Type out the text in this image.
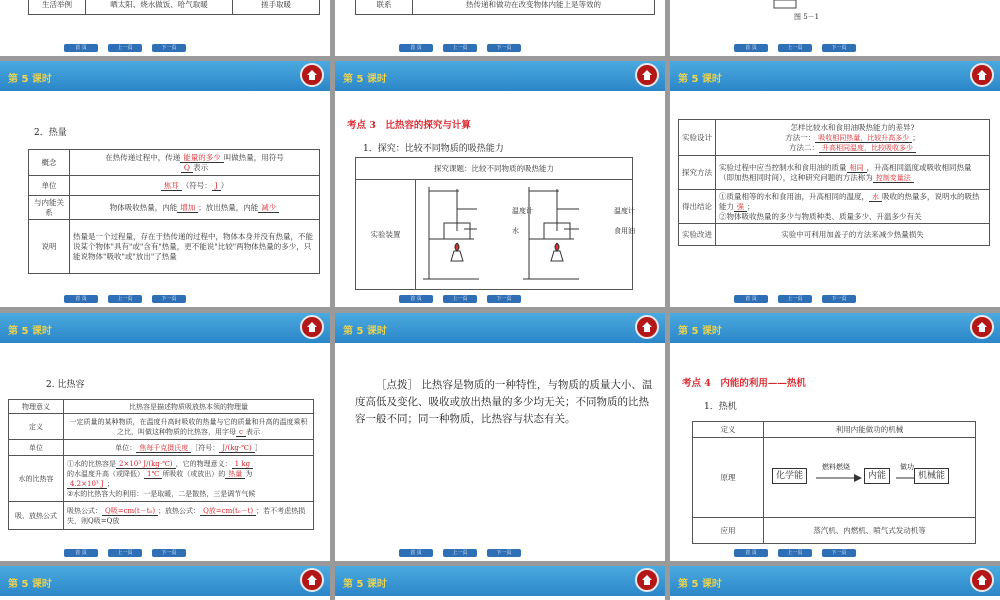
生活举例	晒太阳、烧水做饭、哈气取暖	搓手取暖
首 页	上一页	下一页
联系	热传递和做功在改变物体内能上是等效的
首 页	上一页	下一页
图 5－1
首 页	上一页	下一页
第 5 课时
2．热量
概念	在热传递过程中，传递 能量的多少 叫做热量，用符号
Q 表示
单位	焦耳 （符号： J ）
与内能关系	物体吸收热量，内能 增加 ；放出热量，内能 减少
说明	热量是一个过程量，存在于热传递的过程中，物体本身并没有热量，不能说某个物体"具有"或"含有"热量，更不能说"比较"两物体热量的多少，只能说物体"吸收"或"放出"了热量
首 页	上一页	下一页
第 5 课时
考点 3　比热容的探究与计算
1．探究：比较不同物质的吸热能力
探究课题：比较不同物质的吸热能力
实验装置	
温度计
水
温度计
食用油
首 页	上一页	下一页
第 5 课时
实验设计	怎样比较水和食用油吸热能力的差异?
方法一： 吸收相同热量，比较升高多少 ；
方法二： 升高相同温度，比较吸收多少
探究方法	实验过程中应当控制水和食用油的质量 相同 ，升高相同温度或吸收相同热量（即加热相同时间），这种研究问题的方法称为 控制变量法
得出结论	①质量相等的水和食用油，升高相同的温度， 水 吸收的热量多，说明水的吸热能力 强 ；
②物体吸收热量的多少与物质种类、质量多少、升温多少有关
实验改进	实验中可利用加盖子的方法来减少热量损失
首 页	上一页	下一页
第 5 课时
2. 比热容
物理意义	比热容是描述物质吸放热本领的物理量
定义	一定质量的某种物质，在温度升高时吸收的热量与它的质量和升高的温度乘积之比，叫做这种物质的比热容，用字母 c 表示
单位	单位： 焦每千克摄氏度 ［符号： J/(kg·℃) ］
水的比热容	①水的比热容是 2×10³ J/(kg·℃) ，它的物理意义： 1 kg
的水温度升高（或降低） 1℃ 所吸收（或放出）的 热量 为
4.2×10³ J ；
②水的比热容大的利用：一是取暖，二是散热，三是调节气候
吸、放热公式	吸热公式： Q吸=cm(t－t₀) ；放热公式： Q放=cm(t₀－t) ；若不考虑热损失，则Q吸=Q放
首 页	上一页	下一页
第 5 课时
［点拨］ 比热容是物质的一种特性，与物质的质量大小、温度高低及变化、吸收或放出热量的多少均无关；不同物质的比热容一般不同；同一种物质，比热容与状态有关。
首 页	上一页	下一页
第 5 课时
考点 4　内能的利用——热机
1．热机
定义	利用内能做功的机械
原理	化学能
燃料燃烧
内能
做功
机械能

应用	蒸汽机、内燃机、喷气式发动机等
首 页	上一页	下一页
第 5 课时	第 5 课时	第 5 课时
